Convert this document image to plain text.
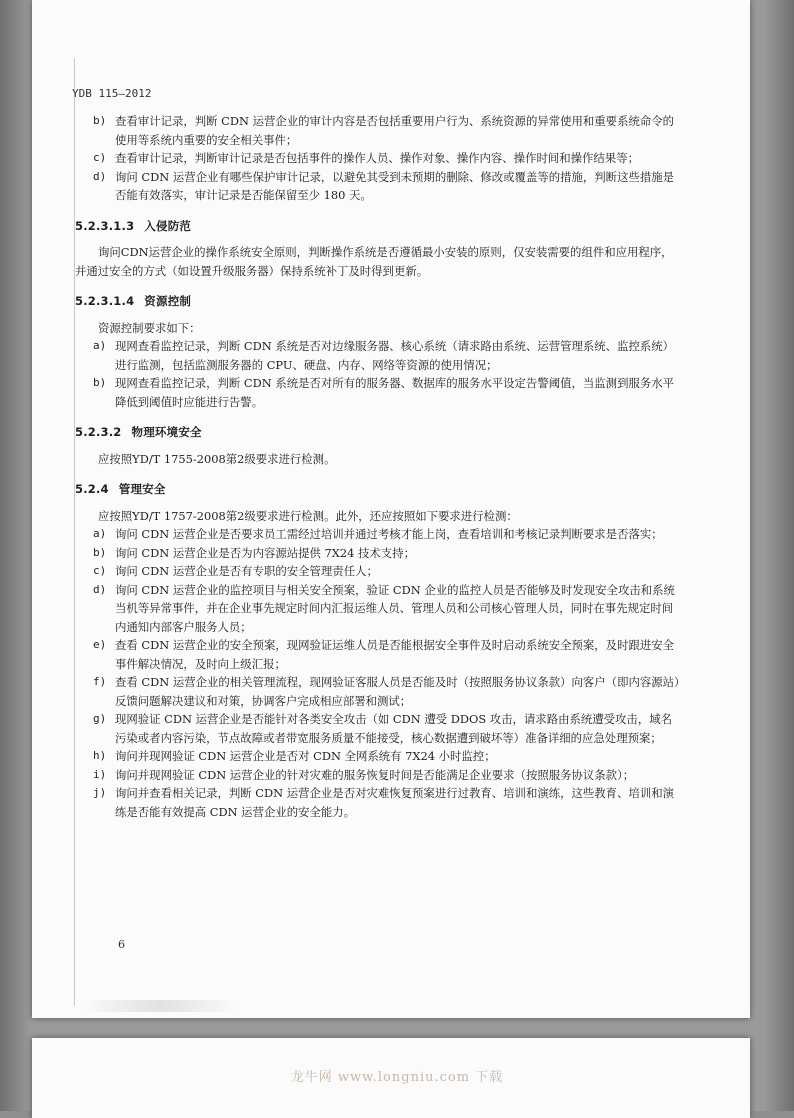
YDB 115—2012
b) 查看审计记录，判断 CDN 运营企业的审计内容是否包括重要用户行为、系统资源的异常使用和重要系统命令的使用等系统内重要的安全相关事件；
c) 查看审计记录，判断审计记录是否包括事件的操作人员、操作对象、操作内容、操作时间和操作结果等；
d) 询问 CDN 运营企业有哪些保护审计记录，以避免其受到未预期的删除、修改或覆盖等的措施，判断这些措施是否能有效落实，审计记录是否能保留至少 180 天。
5.2.3.1.3 入侵防范

询问CDN运营企业的操作系统安全原则，判断操作系统是否遵循最小安装的原则，仅安装需要的组件和应用程序，并通过安全的方式（如设置升级服务器）保持系统补丁及时得到更新。

5.2.3.1.4 资源控制

资源控制要求如下：

a) 现网查看监控记录，判断 CDN 系统是否对边缘服务器、核心系统（请求路由系统、运营管理系统、监控系统）进行监测，包括监测服务器的 CPU、硬盘、内存、网络等资源的使用情况；
b) 现网查看监控记录，判断 CDN 系统是否对所有的服务器、数据库的服务水平设定告警阈值，当监测到服务水平降低到阈值时应能进行告警。
5.2.3.2 物理环境安全

应按照YD/T 1755-2008第2级要求进行检测。

5.2.4 管理安全

应按照YD/T 1757-2008第2级要求进行检测。此外，还应按照如下要求进行检测：

a) 询问 CDN 运营企业是否要求员工需经过培训并通过考核才能上岗，查看培训和考核记录判断要求是否落实；
b) 询问 CDN 运营企业是否为内容源站提供 7X24 技术支持；
c) 询问 CDN 运营企业是否有专职的安全管理责任人；
d) 询问 CDN 运营企业的监控项目与相关安全预案，验证 CDN 企业的监控人员是否能够及时发现安全攻击和系统当机等异常事件，并在企业事先规定时间内汇报运维人员、管理人员和公司核心管理人员，同时在事先规定时间内通知内部客户服务人员；
e) 查看 CDN 运营企业的安全预案，现网验证运维人员是否能根据安全事件及时启动系统安全预案，及时跟进安全事件解决情况，及时向上级汇报；
f) 查看 CDN 运营企业的相关管理流程，现网验证客服人员是否能及时（按照服务协议条款）向客户（即内容源站）反馈问题解决建议和对策，协调客户完成相应部署和测试；
g) 现网验证 CDN 运营企业是否能针对各类安全攻击（如 CDN 遭受 DDOS 攻击，请求路由系统遭受攻击，域名污染或者内容污染，节点故障或者带宽服务质量不能接受，核心数据遭到破坏等）准备详细的应急处理预案；
h) 询问并现网验证 CDN 运营企业是否对 CDN 全网系统有 7X24 小时监控；
i) 询问并现网验证 CDN 运营企业的针对灾难的服务恢复时间是否能满足企业要求（按照服务协议条款）；
j) 询问并查看相关记录，判断 CDN 运营企业是否对灾难恢复预案进行过教育、培训和演练，这些教育、培训和演练是否能有效提高 CDN 运营企业的安全能力。
6
龙牛网 www.longniu.com 下载
